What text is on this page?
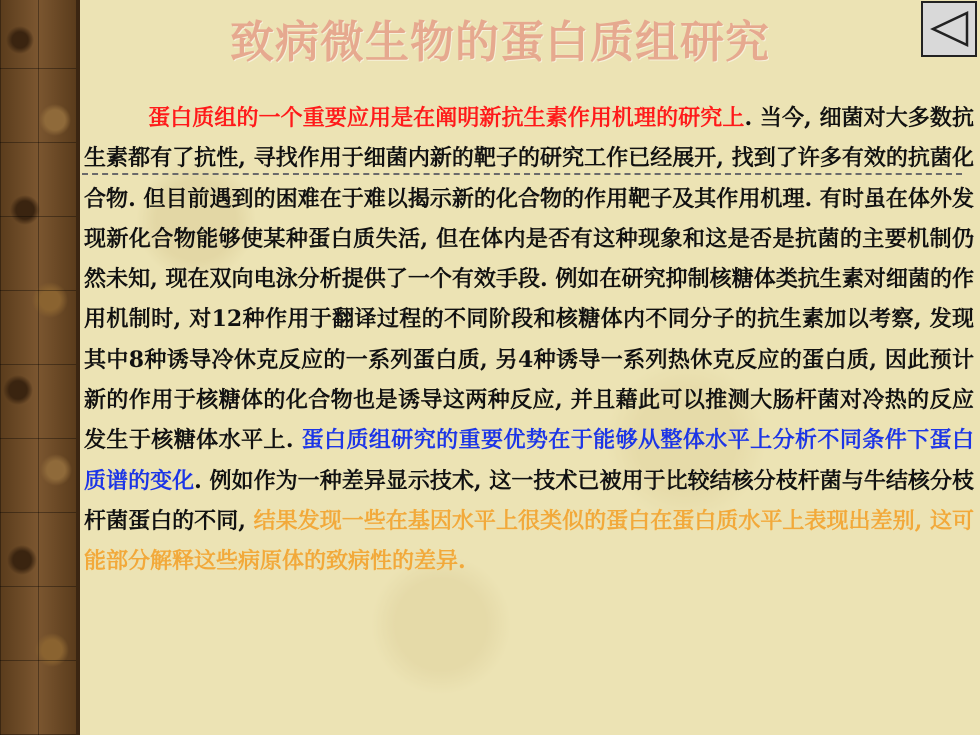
致病微生物的蛋白质组研究
蛋白质组的一个重要应用是在阐明新抗生素作用机理的研究上. 当今, 细菌对大多数抗生素都有了抗性, 寻找作用于细菌内新的靶子的研究工作已经展开, 找到了许多有效的抗菌化合物. 但目前遇到的困难在于难以揭示新的化合物的作用靶子及其作用机理. 有时虽在体外发现新化合物能够使某种蛋白质失活, 但在体内是否有这种现象和这是否是抗菌的主要机制仍然未知, 现在双向电泳分析提供了一个有效手段. 例如在研究抑制核糖体类抗生素对细菌的作用机制时, 对12种作用于翻译过程的不同阶段和核糖体内不同分子的抗生素加以考察, 发现其中8种诱导冷休克反应的一系列蛋白质, 另4种诱导一系列热休克反应的蛋白质, 因此预计新的作用于核糖体的化合物也是诱导这两种反应, 并且藉此可以推测大肠杆菌对冷热的反应发生于核糖体水平上. 蛋白质组研究的重要优势在于能够从整体水平上分析不同条件下蛋白质谱的变化. 例如作为一种差异显示技术, 这一技术已被用于比较结核分枝杆菌与牛结核分枝杆菌蛋白的不同, 结果发现一些在基因水平上很类似的蛋白在蛋白质水平上表现出差别, 这可能部分解释这些病原体的致病性的差异.
